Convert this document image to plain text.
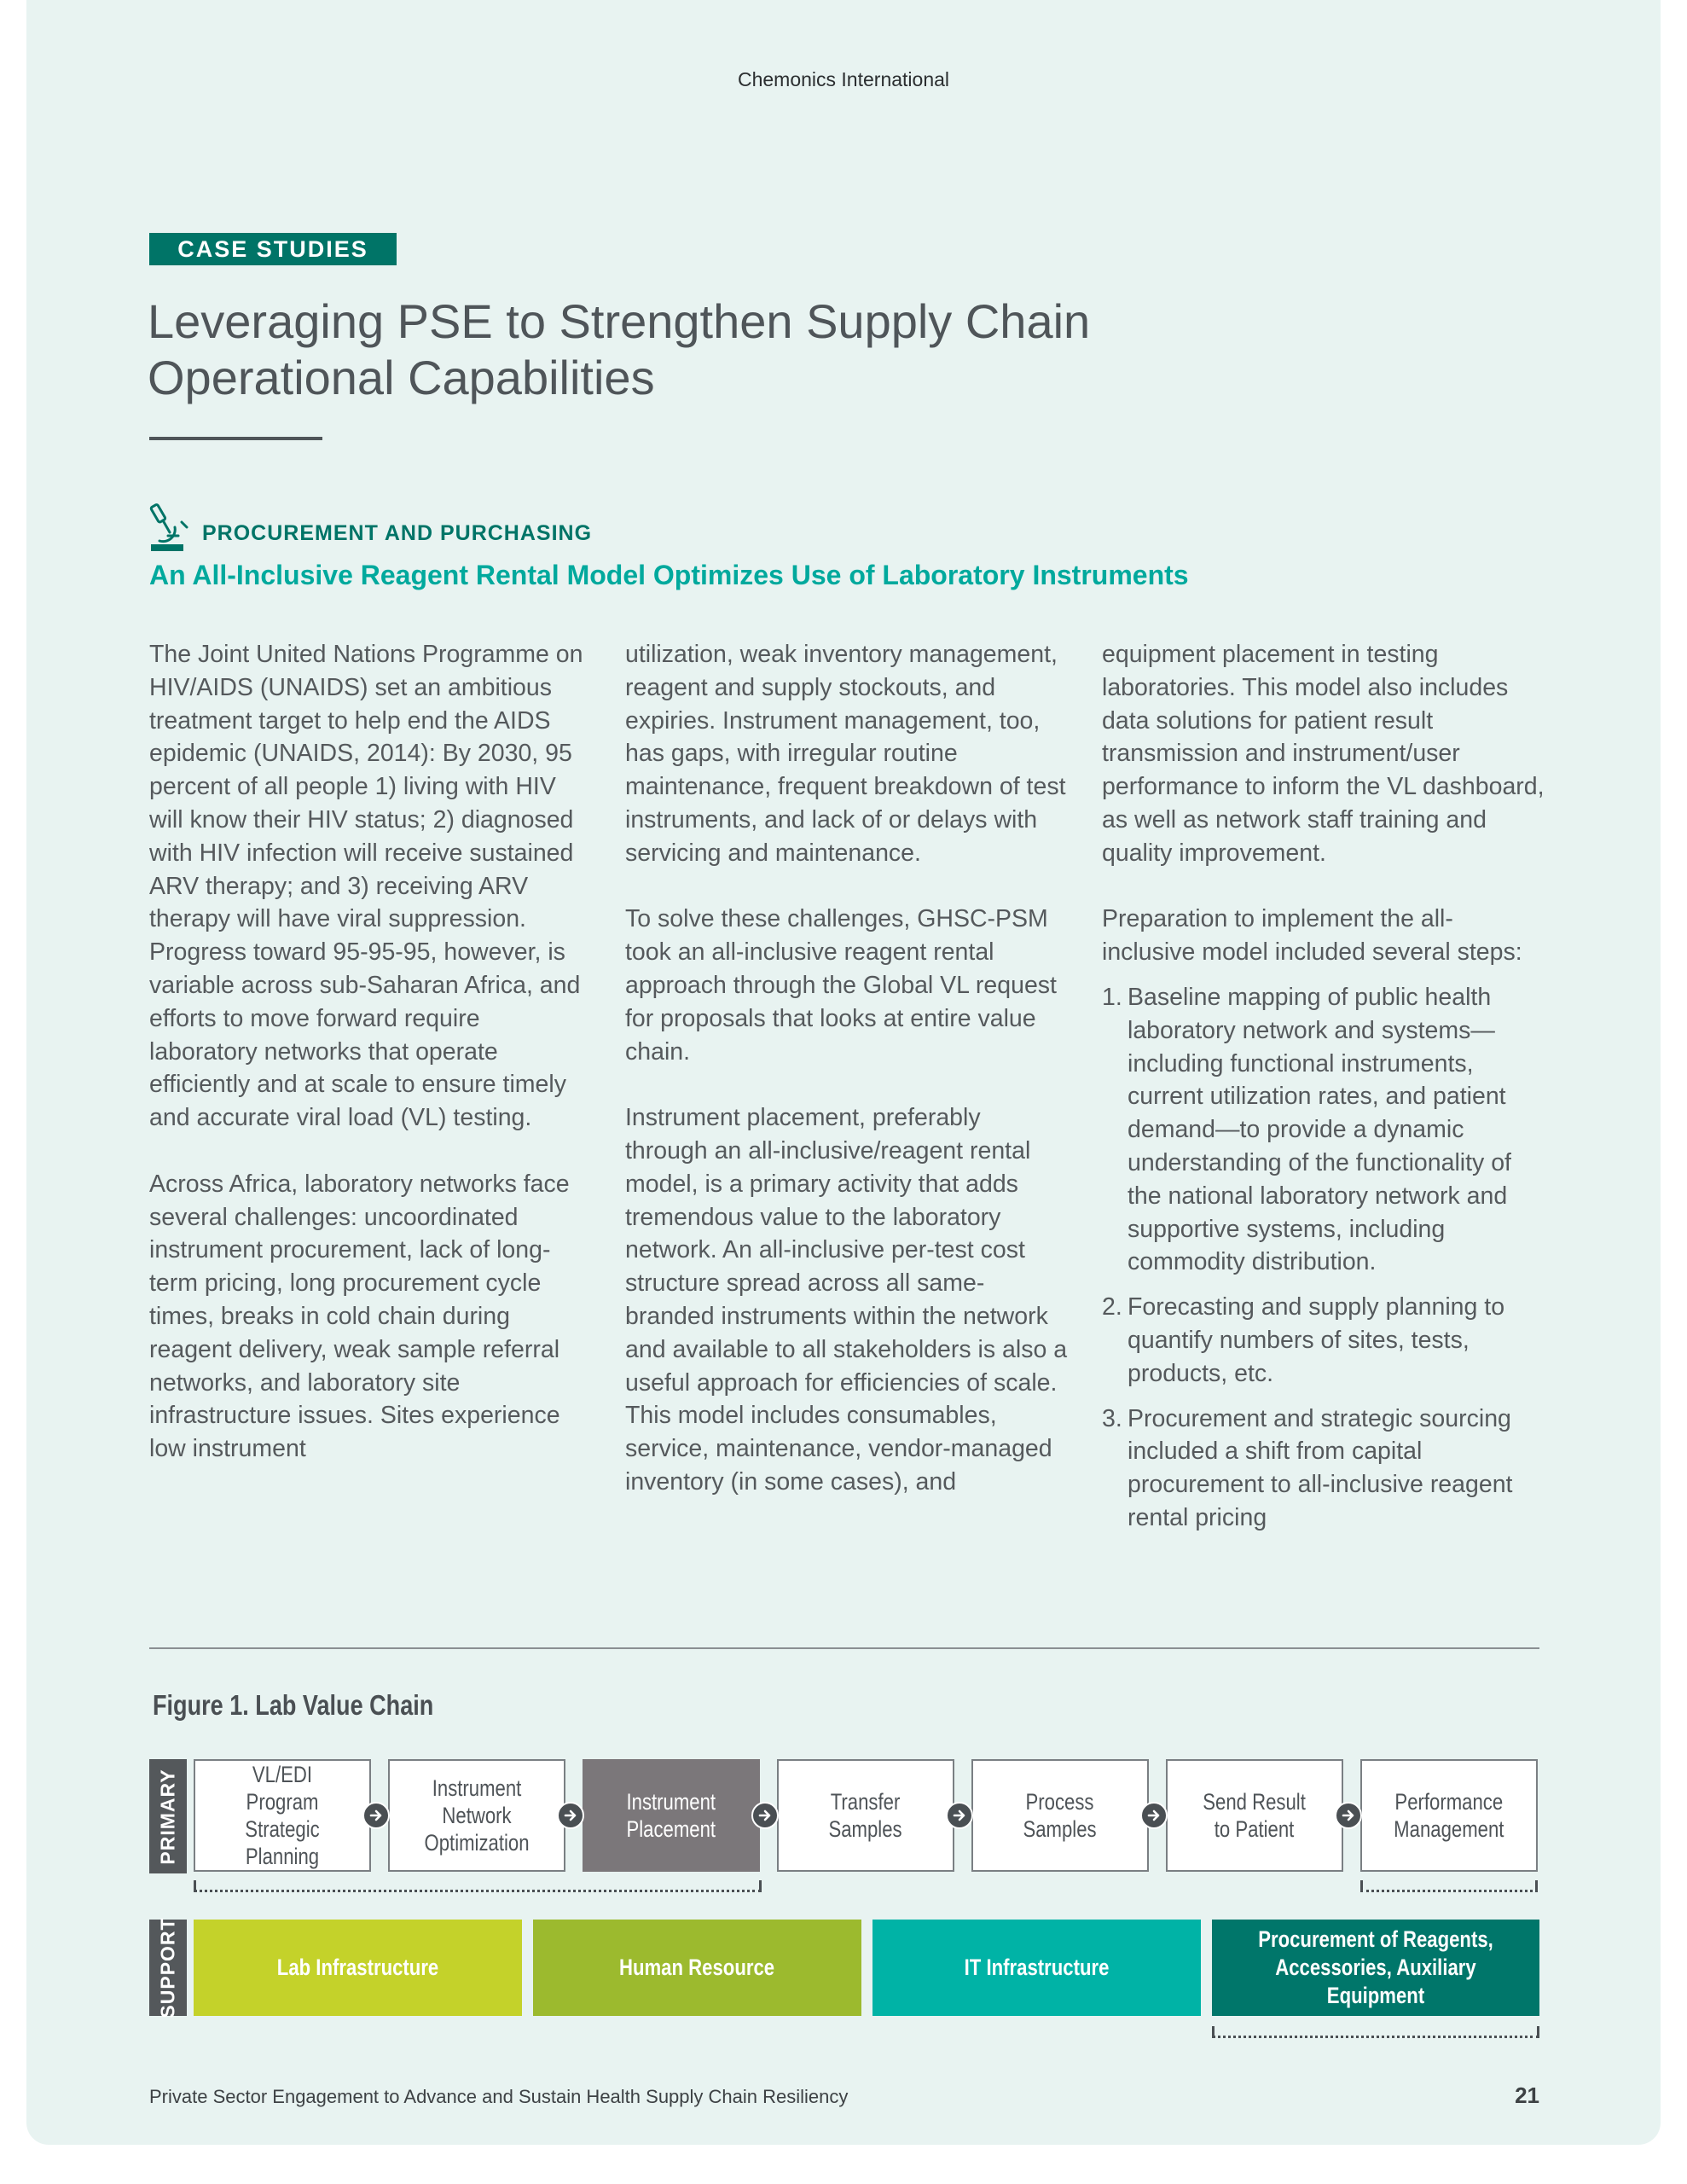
Chemonics International
CASE STUDIES
Leveraging PSE to Strengthen Supply Chain
Operational Capabilities
PROCUREMENT AND PURCHASING
An All-Inclusive Reagent Rental Model Optimizes Use of Laboratory Instruments

The Joint United Nations Programme on HIV/AIDS (UNAIDS) set an ambitious treatment target to help end the AIDS epidemic (UNAIDS, 2014): By 2030, 95 percent of all people 1) living with HIV will know their HIV status; 2) diagnosed with HIV infection will receive sustained ARV therapy; and 3) receiving ARV therapy will have viral suppression. Progress toward 95-95-95, however, is variable across sub-Saharan Africa, and efforts to move forward require laboratory networks that operate efficiently and at scale to ensure timely and accurate viral load (VL) testing.

Across Africa, laboratory networks face several challenges: uncoordinated instrument procurement, lack of long-term pricing, long procurement cycle times, breaks in cold chain during reagent delivery, weak sample referral networks, and laboratory site infrastructure issues. Sites experience low instrument

utilization, weak inventory management, reagent and supply stockouts, and expiries. Instrument management, too, has gaps, with irregular routine maintenance, frequent breakdown of test instruments, and lack of or delays with servicing and maintenance.

To solve these challenges, GHSC-PSM took an all-inclusive reagent rental approach through the Global VL request for proposals that looks at entire value chain.

Instrument placement, preferably through an all-inclusive/reagent rental model, is a primary activity that adds tremendous value to the laboratory network. An all-inclusive per-test cost structure spread across all same-branded instruments within the network and available to all stakeholders is also a useful approach for efficiencies of scale. This model includes consumables, service, maintenance, vendor-managed inventory (in some cases), and

equipment placement in testing laboratories. This model also includes data solutions for patient result transmission and instrument/user performance to inform the VL dashboard, as well as network staff training and quality improvement.

Preparation to implement the all-inclusive model included several steps:

1. Baseline mapping of public health laboratory network and systems—including functional instruments, current utilization rates, and patient demand—to provide a dynamic understanding of the functionality of the national laboratory network and supportive systems, including commodity distribution.
2. Forecasting and supply planning to quantify numbers of sites, tests, products, etc.
3. Procurement and strategic sourcing included a shift from capital procurement to all-inclusive reagent rental pricing
Figure 1. Lab Value Chain
PRIMARY	VL/EDI Program
Strategic
Planning
Instrument
Network
Optimization
Instrument
Placement
Transfer
Samples
Process
Samples
Send Result
to Patient
Performance
Management
SUPPORT	Lab Infrastructure	Human Resource	IT Infrastructure
Procurement of Reagents,
Accessories, Auxiliary Equipment
Private Sector Engagement to Advance and Sustain Health Supply Chain Resiliency	21
